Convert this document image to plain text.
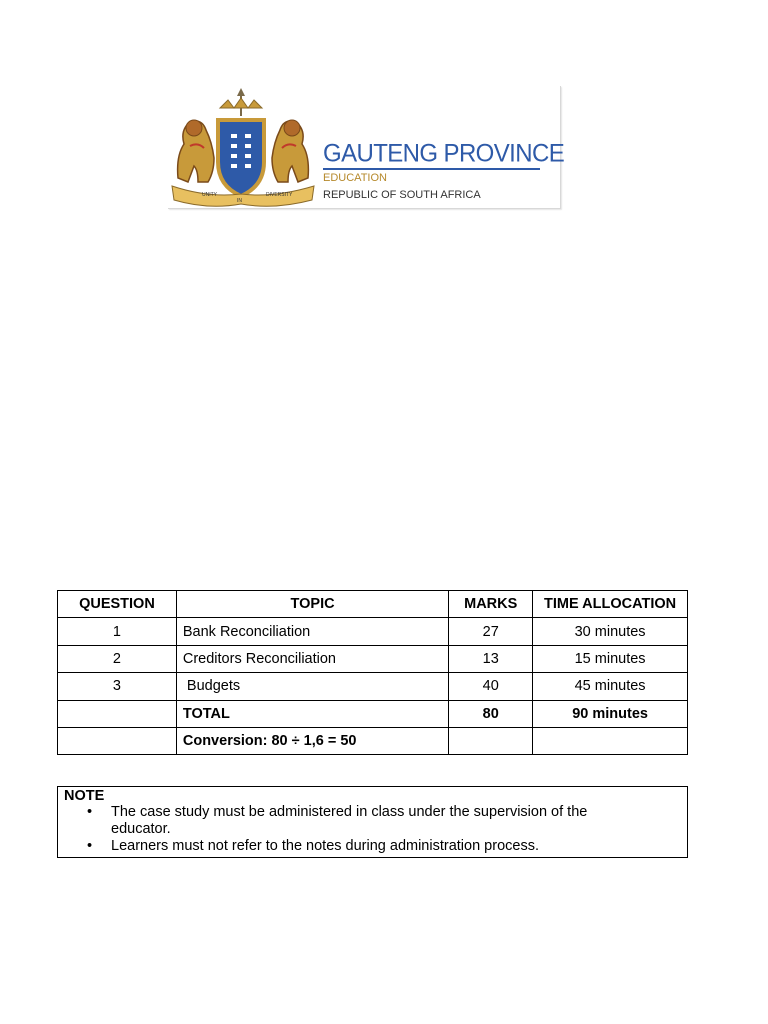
UNITY
IN
DIVERSITY
GAUTENG PROVINCE
EDUCATION
REPUBLIC OF SOUTH AFRICA
QUESTION	TOPIC	MARKS	TIME ALLOCATION
1	Bank Reconciliation	27	30 minutes
2	Creditors Reconciliation	13	15 minutes
3	Budgets	40	45 minutes
	TOTAL	80	90 minutes
	Conversion: 80 ÷ 1,6 = 50		
NOTE
• The case study must be administered in class under the supervision of the educator.
• Learners must not refer to the notes during administration process.
